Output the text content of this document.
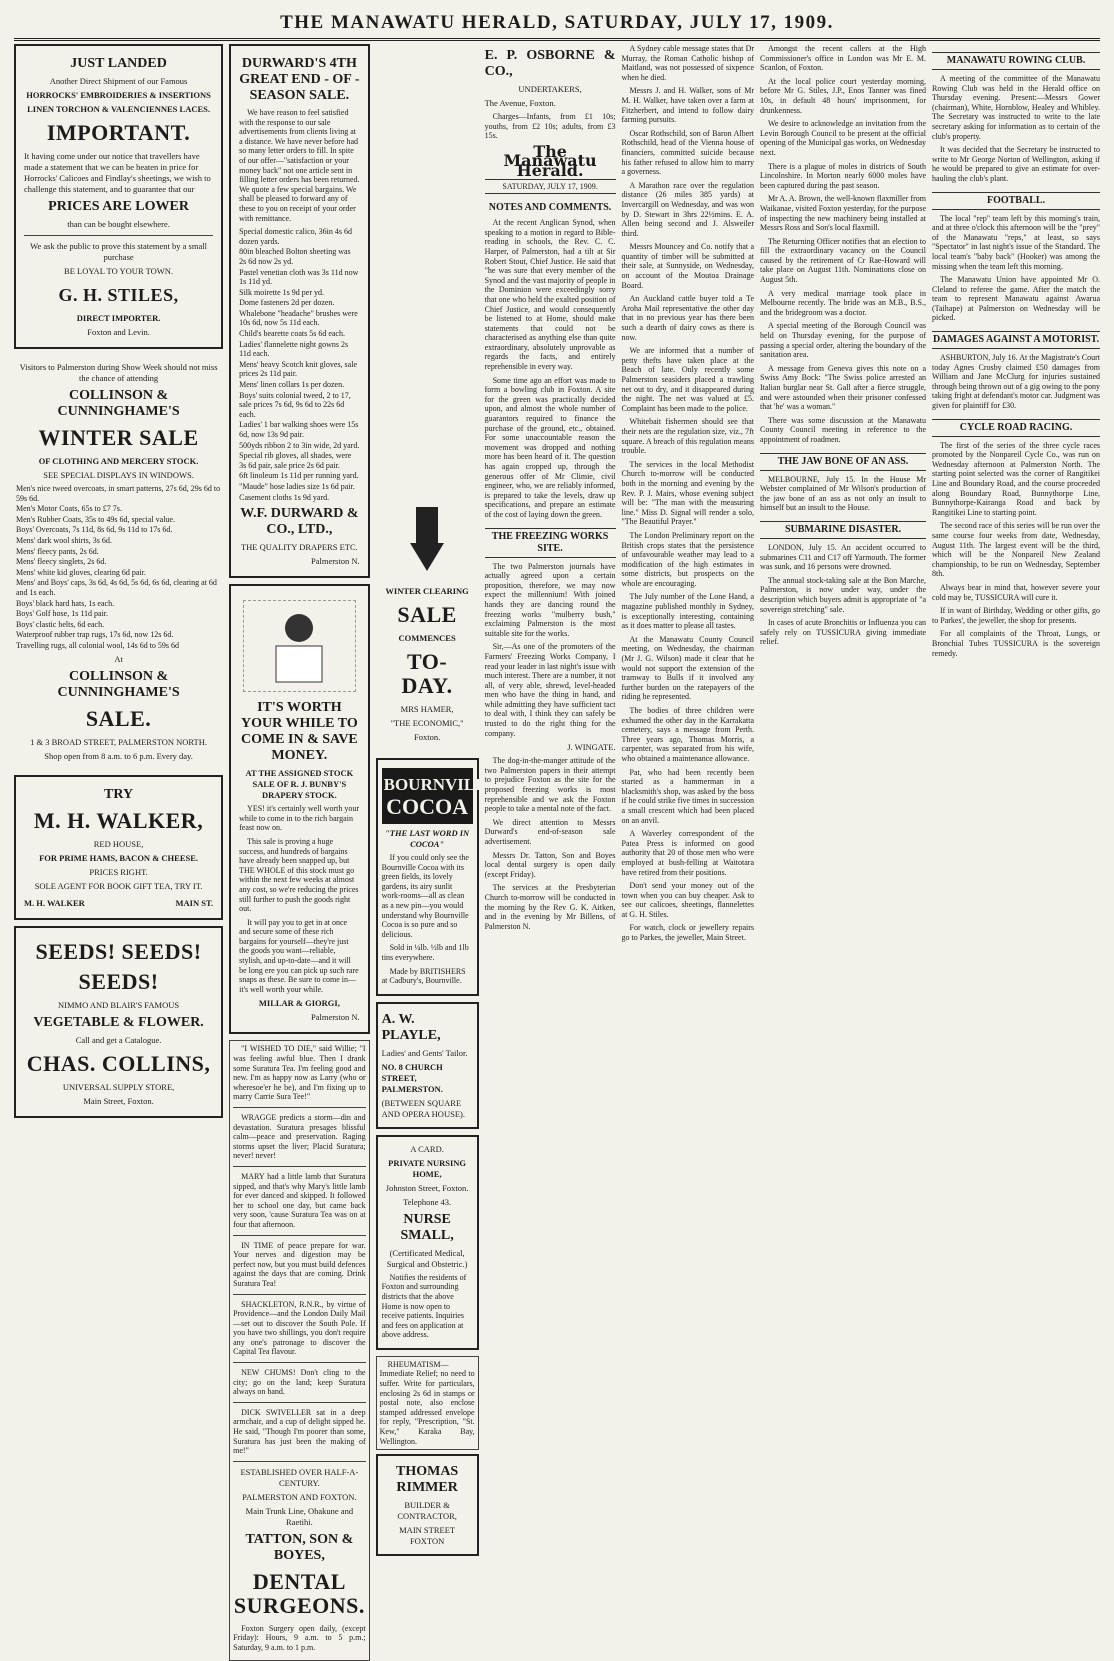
THE MANAWATU HERALD, SATURDAY, JULY 17, 1909.
JUST LANDED
Another Direct Shipment of our Famous
HORROCKS' EMBROIDERIES & INSERTIONS
LINEN TORCHON & VALENCIENNES LACES.
IMPORTANT.
It having come under our notice that travellers have made a statement that we can be beaten in price for Horrocks' Calicoes and Findlay's sheetings, we wish to challenge this statement, and to guarantee that our
PRICES ARE LOWER
than can be bought elsewhere.
We ask the public to prove this statement by a small purchase
BE LOYAL TO YOUR TOWN.
G. H. STILES,
DIRECT IMPORTER.
Foxton and Levin.
Visitors to Palmerston during Show Week should not miss the chance of attending
COLLINSON & CUNNINGHAME'S
WINTER SALE
OF CLOTHING AND MERCERY STOCK.
SEE SPECIAL DISPLAYS IN WINDOWS.

Men's nice tweed overcoats, in smart patterns, 27s 6d, 29s 6d to 59s 6d.

Men's Motor Coats, 65s to £7 7s.

Men's Rubber Coats, 35s to 49s 6d, special value.

Boys' Overcoats, 7s 11d, 8s 6d, 9s 11d to 17s 6d.

Mens' dark wool shirts, 3s 6d.

Mens' fleecy pants, 2s 6d.

Mens' fleecy singlets, 2s 6d.

Mens' white kid gloves, clearing 6d pair.

Mens' and Boys' caps, 3s 6d, 4s 6d, 5s 6d, 6s 6d, clearing at 6d and 1s each.

Boys' black hard hats, 1s each.

Boys' Golf hose, 1s 11d pair.

Boys' clastic belts, 6d each.

Waterproof rubber trap rugs, 17s 6d, now 12s 6d.

Travelling rugs, all colonial wool, 14s 6d to 59s 6d

At
COLLINSON & CUNNINGHAME'S
SALE.
1 & 3 BROAD STREET, PALMERSTON NORTH.
Shop open from 8 a.m. to 6 p.m. Every day.
TRY
M. H. WALKER,
RED HOUSE,
FOR PRIME HAMS, BACON & CHEESE.
PRICES RIGHT.
SOLE AGENT FOR BOOK GIFT TEA, TRY IT.
M. H. WALKER	MAIN ST.
SEEDS! SEEDS!
SEEDS!
NIMMO AND BLAIR'S FAMOUS
VEGETABLE & FLOWER.
Call and get a Catalogue.
CHAS. COLLINS,
UNIVERSAL SUPPLY STORE,
Main Street, Foxton.
DURWARD'S 4TH GREAT END - OF - SEASON SALE.

We have reason to feel satisfied with the response to our sale advertisements from clients living at a distance. We have never before had so many letter orders to fill. In spite of our offer—"satisfaction or your money back" not one article sent in filling letter orders has been returned. We quote a few special bargains. We shall be pleased to forward any of these to you on receipt of your order with remittance.

Special domestic calico, 36in 4s 6d dozen yards.

80in bleached Bolton sheeting was 2s 6d now 2s yd.

Pastel venetian cloth was 3s 11d now 1s 11d yd.

Silk moirette 1s 9d per yd.

Dome fasteners 2d per dozen.

Whalebone "headache" brushes were 10s 6d, now 5s 11d each.

Child's bearette coats 5s 6d each.

Ladies' flannelette night gowns 2s 11d each.

Mens' heavy Scotch knit gloves, sale prices 2s 11d pair.

Mens' linen collars 1s per dozen.

Boys' suits colonial tweed, 2 to 17, sale prices 7s 6d, 9s 6d to 22s 6d each.

Ladies' 1 bar walking shoes were 15s 6d, now 13s 9d pair.

500yds ribbon 2 to 3in wide, 2d yard.

Special rib gloves, all shades, were 3s 6d pair, sale price 2s 6d pair.

6ft linoleum 1s 11d per running yard.

"Maude" hose ladies size 1s 6d pair.

Casement cloths 1s 9d yard.

W.F. DURWARD & CO., LTD.,
THE QUALITY DRAPERS ETC.
Palmerston N.
IT'S WORTH YOUR WHILE TO COME IN & SAVE MONEY.
AT THE ASSIGNED STOCK SALE OF R. J. BUNBY'S DRAPERY STOCK.

YES! it's certainly well worth your while to come in to the rich bargain feast now on.

This sale is proving a huge success, and hundreds of bargains have already been snapped up, but THE WHOLE of this stock must go within the next few weeks at almost any cost, so we're reducing the prices still further to push the goods right out.

It will pay you to get in at once and secure some of these rich bargains for yourself—they're just the goods you want—reliable, stylish, and up-to-date—and it will be long ere you can pick up such rare snaps as these. Be sure to come in—it's well worth your while.

MILLAR & GIORGI,
Palmerston N.

"I WISHED TO DIE," said Willie; "I was feeling awful blue. Then I drank some Suratura Tea. I'm feeling good and new. I'm as happy now as Larry (who or wheresoe'er he be), and I'm fixing up to marry Carrie Sura Tee!"

WRAGGE predicts a storm—din and devastation. Suratura presages blissful calm—peace and preservation. Raging storms upset the liver; Placid Suratura; never! never!

MARY had a little lamb that Suratura sipped, and that's why Mary's little lamb for ever danced and skipped. It followed her to school one day, but came back very soon, 'cause Suratura Tea was on at four that afternoon.

IN TIME of peace prepare for war. Your nerves and digestion may be perfect now, but you must build defences against the days that are coming. Drink Suratura Tea!

SHACKLETON, R.N.R., by virtue of Providence—and the London Daily Mail—set out to discover the South Pole. If you have two shillings, you don't require any one's patronage to discover the Capital Tea flavour.

NEW CHUMS! Don't cling to the city; go on the land; keep Suratura always on hand.

DICK SWIVELLER sat in a deep armchair, and a cup of delight sipped he. He said, "Though I'm poorer than some, Suratura has just been the making of me!"

ESTABLISHED OVER HALF-A-CENTURY.
PALMERSTON AND FOXTON.
Main Trunk Line, Ohakune and Raetihi.
TATTON, SON & BOYES,
DENTAL SURGEONS.

Foxton Surgery open daily, (except Friday): Hours, 9 a.m. to 5 p.m.; Saturday, 9 a.m. to 1 p.m.

WINTER CLEARING
SALE
COMMENCES
TO-DAY.
MRS HAMER,
"THE ECONOMIC,"
Foxton.
BOURNVILLE
COCOA
"THE LAST WORD IN COCOA"

If you could only see the Bournville Cocoa with its green fields, its lovely gardens, its airy sunlit work-rooms—all as clean as a new pin—you would understand why Bournville Cocoa is so pure and so delicious.

Sold in ¼lb. ½lb and 1lb tins everywhere.

Made by BRITISHERS at Cadbury's, Bournville.

A. W. PLAYLE,
Ladies' and Gents' Tailor.
NO. 8 CHURCH STREET, PALMERSTON.
(BETWEEN SQUARE AND OPERA HOUSE).
A CARD.
PRIVATE NURSING HOME,
Johnston Street, Foxton.
Telephone 43.
NURSE SMALL,
(Certificated Medical, Surgical and Obstetric.)

Notifies the residents of Foxton and surrounding districts that the above Home is now open to receive patients. Inquiries and fees on application at above address.

RHEUMATISM—Immediate Relief; no need to suffer. Write for particulars, enclosing 2s 6d in stamps or postal note, also enclose stamped addressed envelope for reply, "Prescription, "St. Kew," Karaka Bay, Wellington.

THOMAS RIMMER
BUILDER & CONTRACTOR,
MAIN STREET FOXTON
E. P. OSBORNE & CO.,
UNDERTAKERS,
The Avenue, Foxton.

Charges—Infants, from £1 10s; youths, from £2 10s; adults, from £3 15s.

The Manawatu Herald.
SATURDAY, JULY 17, 1909.
NOTES AND COMMENTS.

At the recent Anglican Synod, when speaking to a motion in regard to Bible-reading in schools, the Rev. C. C. Harper, of Palmerston, had a tilt at Sir Robert Stout, Chief Justice. He said that "he was sure that every member of the Synod and the vast majority of people in the Dominion were exceedingly sorry that one who held the exalted position of Chief Justice, and would consequently be listened to at Home, should make statements that could not be characterised as anything else than quite extraordinary, absolutely unprovable as regards the facts, and entirely reprehensible in every way.

Some time ago an effort was made to form a bowling club in Foxton. A site for the green was practically decided upon, and almost the whole number of guarantors required to finance the purchase of the ground, etc., obtained. For some unaccountable reason the movement was dropped and nothing more has been heard of it. The question has again cropped up, through the generous offer of Mr Climie, civil engineer, who, we are reliably informed, is prepared to take the levels, draw up specifications, and prepare an estimate of the cost of laying down the green.

THE FREEZING WORKS SITE.

The two Palmerston journals have actually agreed upon a certain proposition, therefore, we may now expect the millennium! With joined hands they are dancing round the freezing works "mulberry bush," exclaiming Palmerston is the most suitable site for the works.

Sir,—As one of the promoters of the Farmers' Freezing Works Company, I read your leader in last night's issue with much interest. There are a number, it not all, of very able, shrewd, level-headed men who have the thing in hand, and while admitting they have sufficient tact to deal with, I think they can safely be trusted to do the right thing for the company.

J. WINGATE.

The dog-in-the-manger attitude of the two Palmerston papers in their attempt to prejudice Foxton as the site for the proposed freezing works is most reprehensible and we ask the Foxton people to take a mental note of the fact.

We direct attention to Messrs Durward's end-of-season sale advertisement.

Messrs Dr. Tatton, Son and Boyes local dental surgery is open daily (except Friday).

The services at the Presbyterian Church to-morrow will be conducted in the morning by the Rev G. K. Aitken, and in the evening by Mr Billens, of Palmerston N.

A Sydney cable message states that Dr Murray, the Roman Catholic bishop of Maitland, was not possessed of sixpence when he died.

Messrs J. and H. Walker, sons of Mr M. H. Walker, have taken over a farm at Fitzherbert, and intend to follow dairy farming pursuits.

Oscar Rothschild, son of Baron Albert Rothschild, head of the Vienna house of financiers, committed suicide because his father refused to allow him to marry a governess.

A Marathon race over the regulation distance (26 miles 385 yards) at Invercargill on Wednesday, and was won by D. Stewart in 3hrs 22½mins. E. A. Allen being second and J. Alsweiler third.

Messrs Mouncey and Co. notify that a quantity of timber will be submitted at their sale, at Sunnyside, on Wednesday, on account of the Moutoa Drainage Board.

An Auckland cattle buyer told a Te Aroha Mail representative the other day that in no previous year has there been such a dearth of dairy cows as there is now.

We are informed that a number of petty thefts have taken place at the Beach of late. Only recently some Palmerston seasiders placed a trawling net out to dry, and it disappeared during the night. The net was valued at £5. Complaint has been made to the police.

Whitebait fishermen should see that their nets are the regulation size, viz., 7ft square. A breach of this regulation means trouble.

The services in the local Methodist Church to-morrow will be conducted both in the morning and evening by the Rev. P. J. Mairs, whose evening subject will be: "The man with the measuring line." Miss D. Signal will render a solo, "The Beautiful Prayer."

The London Preliminary report on the British crops states that the persistence of unfavourable weather may lead to a modification of the high estimates in some districts, but prospects on the whole are encouraging.

The July number of the Lone Hand, a magazine published monthly in Sydney, is exceptionally interesting, containing as it does matter to please all tastes.

At the Manawatu County Council meeting, on Wednesday, the chairman (Mr J. G. Wilson) made it clear that he would not support the extension of the tramway to Bulls if it involved any further burden on the ratepayers of the riding he represented.

The bodies of three children were exhumed the other day in the Karrakatta cemetery, says a message from Perth. Three years ago, Thomas Morris, a carpenter, was separated from his wife, who obtained a maintenance allowance.

Pat, who had been recently been started as a hammerman in a blacksmith's shop, was asked by the boss if he could strike five times in succession a small crescent which had been placed on an anvil.

A Waverley correspondent of the Patea Press is informed on good authority that 20 of those men who were employed at bush-felling at Waitotara have retired from their positions.

Don't send your money out of the town when you can buy cheaper. Ask to see our calicoes, sheetings, flannelettes at G. H. Stiles.

For watch, clock or jewellery repairs go to Parkes, the jeweller, Main Street.

Amongst the recent callers at the High Commissioner's office in London was Mr E. M. Scanlon, of Foxton.

At the local police court yesterday morning, before Mr G. Stiles, J.P., Enos Tanner was fined 10s, in default 48 hours' imprisonment, for drunkenness.

We desire to acknowledge an invitation from the Levin Borough Council to be present at the official opening of the Municipal gas works, on Wednesday next.

There is a plague of moles in districts of South Lincolnshire. In Morton nearly 6000 moles have been captured during the past season.

Mr A. A. Brown, the well-known flaxmiller from Waikanae, visited Foxton yesterday, for the purpose of inspecting the new machinery being installed at Messrs Ross and Son's local flaxmill.

The Returning Officer notifies that an election to fill the extraordinary vacancy on the Council caused by the retirement of Cr Rae-Howard will take place on August 11th. Nominations close on August 5th.

A very medical marriage took place in Melbourne recently. The bride was an M.B., B.S., and the bridegroom was a doctor.

A special meeting of the Borough Council was held on Thursday evening, for the purpose of passing a special order, altering the boundary of the sanitation area.

A message from Geneva gives this note on a Swiss Amy Bock: "The Swiss police arrested an Italian burglar near St. Gall after a fierce struggle, and were astounded when their prisoner confessed that 'he' was a woman."

There was some discussion at the Manawatu County Council meeting in reference to the appointment of roadmen.

THE JAW BONE OF AN ASS.

MELBOURNE, July 15. In the House Mr Webster complained of Mr Wilson's production of the jaw bone of an ass as not only an insult to himself but an insult to the House.

SUBMARINE DISASTER.

LONDON, July 15. An accident occurred to submarines C11 and C17 off Yarmouth. The former was sunk, and 16 persons were drowned.

The annual stock-taking sale at the Bon Marche, Palmerston, is now under way, under the description which buyers admit is appropriate of "a sovereign stretching" sale.

In cases of acute Bronchitis or Influenza you can safely rely on TUSSICURA giving immediate relief.

MANAWATU ROWING CLUB.

A meeting of the committee of the Manawatu Rowing Club was held in the Herald office on Thursday evening. Present:—Messrs Gower (chairman), White, Hornblow, Healey and Whibley. The Secretary was instructed to write to the late secretary asking for information as to certain of the club's property.

It was decided that the Secretary be instructed to write to Mr George Norton of Wellington, asking if he would be prepared to give an estimate for over-hauling the club's plant.

FOOTBALL.

The local "rep" team left by this morning's train, and at three o'clock this afternoon will be the "prey" of the Manawatu "reps," at least, so says "Spectator" in last night's issue of the Standard. The local team's "baby back" (Hooker) was among the missing when the team left this morning.

The Manawatu Union have appointed Mr O. Cleland to referee the game. After the match the team to represent Manawatu against Awarua (Taihape) at Palmerston on Wednesday will be picked.

DAMAGES AGAINST A MOTORIST.

ASHBURTON, July 16. At the Magistrate's Court today Agnes Crosby claimed £50 damages from William and Jane McClurg for injuries sustained through being thrown out of a gig owing to the pony taking fright at defendant's motor car. Judgment was given for plaintiff for £30.

CYCLE ROAD RACING.

The first of the series of the three cycle races promoted by the Nonpareil Cycle Co., was run on Wednesday afternoon at Palmerston North. The starting point selected was the corner of Rangitikei Line and Boundary Road, and the course proceeded along Boundary Road, Bunnythorpe Line, Bunnythorpe-Kairanga Road and back by Rangitikei Line to starting point.

The second race of this series will be run over the same course four weeks from date, Wednesday, August 11th. The largest event will be the third, which will be the Nonpareil New Zealand championship, to be run on Wednesday, September 8th.

Always bear in mind that, however severe your cold may be, TUSSICURA will cure it.

If in want of Birthday, Wedding or other gifts, go to Parkes', the jeweller, the shop for presents.

For all complaints of the Throat, Lungs, or Bronchial Tubes TUSSICURA is the sovereign remedy.
